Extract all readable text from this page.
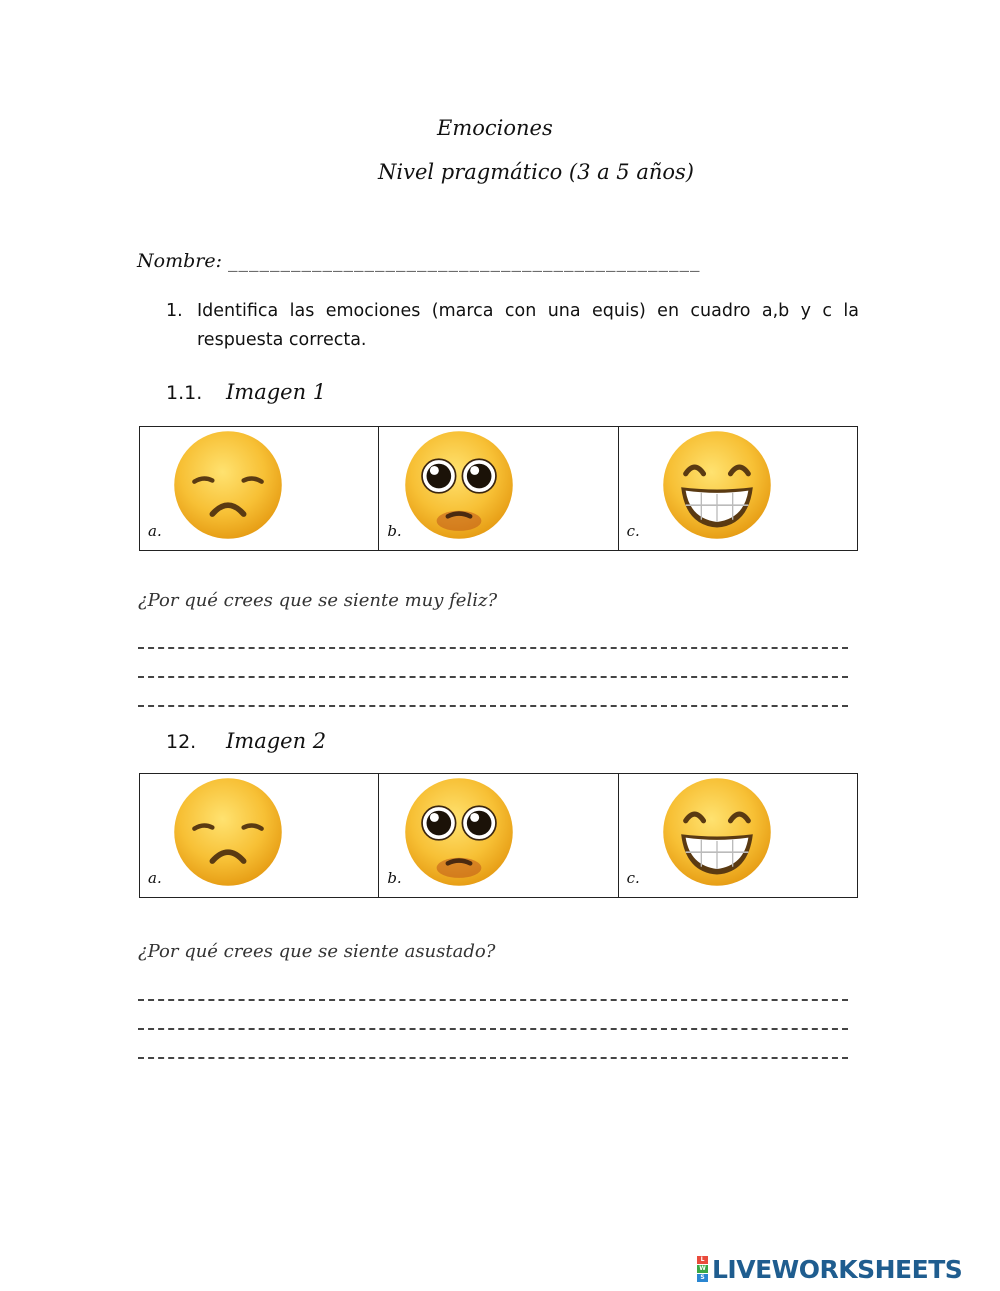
Emociones
Nivel pragmático (3 a 5 años)
Nombre: _____________________________________________
1. Identifica las emociones (marca con una equis) en cuadro a,b y c la respuesta correcta.
1.1. Imagen 1
a.	b.	c.
¿Por qué crees que se siente muy feliz?
12. Imagen 2
a.	b.	c.
¿Por qué crees que se siente asustado?
L
W
S LIVEWORKSHEETS
